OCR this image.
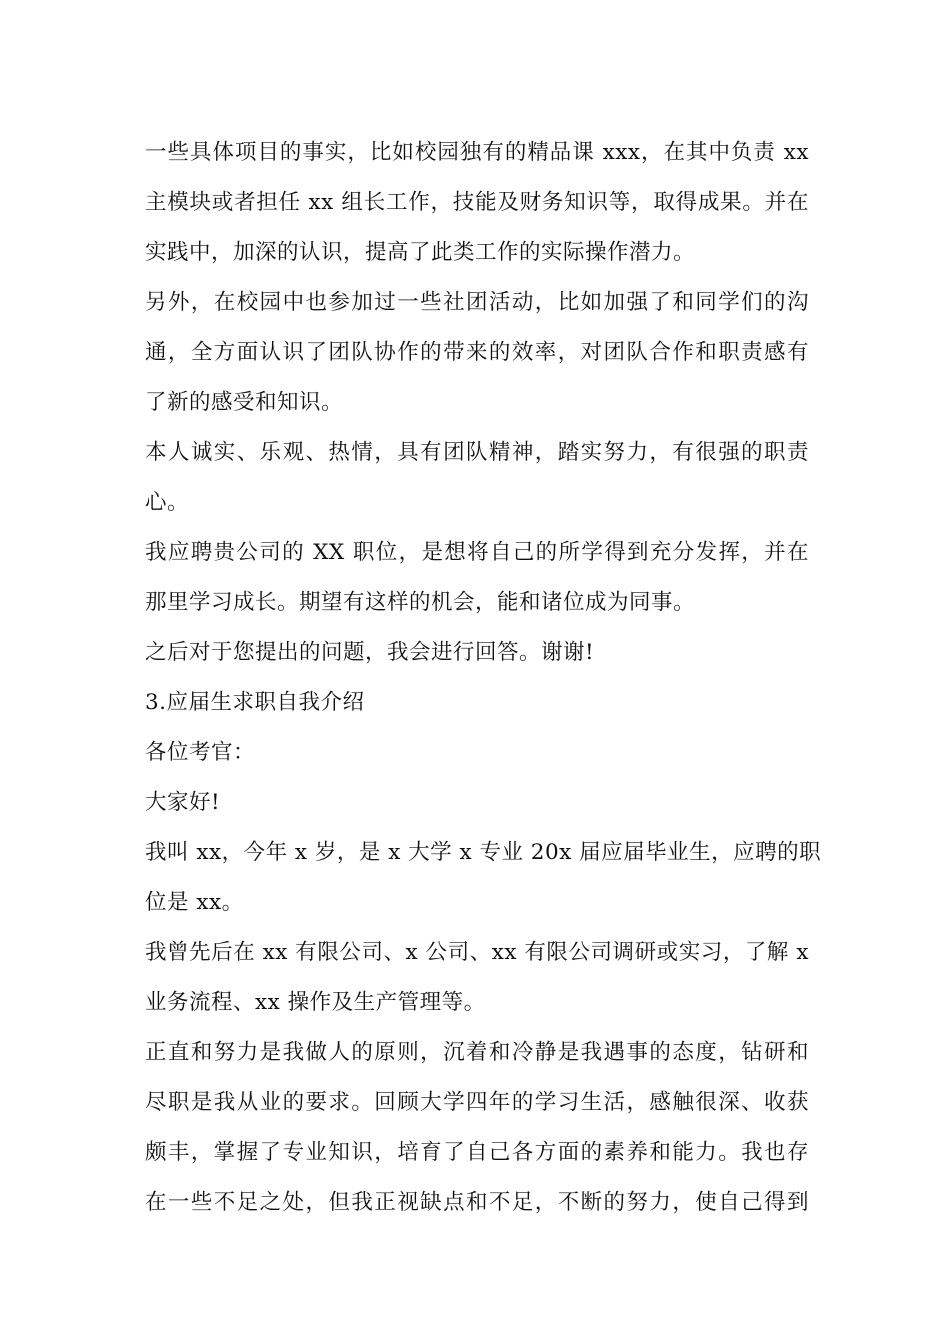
一些具体项目的事实，比如校园独有的精品课 xxx，在其中负责 xx
主模块或者担任 xx 组长工作，技能及财务知识等，取得成果。并在
实践中，加深的认识，提高了此类工作的实际操作潜力。
另外，在校园中也参加过一些社团活动，比如加强了和同学们的沟
通，全方面认识了团队协作的带来的效率，对团队合作和职责感有
了新的感受和知识。
本人诚实、乐观、热情，具有团队精神，踏实努力，有很强的职责
心。
我应聘贵公司的 XX 职位，是想将自己的所学得到充分发挥，并在
那里学习成长。期望有这样的机会，能和诸位成为同事。
之后对于您提出的问题，我会进行回答。谢谢!
3.应届生求职自我介绍
各位考官：
大家好!
我叫 xx，今年 x 岁，是 x 大学 x 专业 20x 届应届毕业生，应聘的职
位是 xx。
我曾先后在 xx 有限公司、x 公司、xx 有限公司调研或实习，了解 x
业务流程、xx 操作及生产管理等。
正直和努力是我做人的原则，沉着和冷静是我遇事的态度，钻研和
尽职是我从业的要求。回顾大学四年的学习生活，感触很深、收获
颇丰，掌握了专业知识，培育了自己各方面的素养和能力。我也存
在一些不足之处，但我正视缺点和不足，不断的努力，使自己得到
